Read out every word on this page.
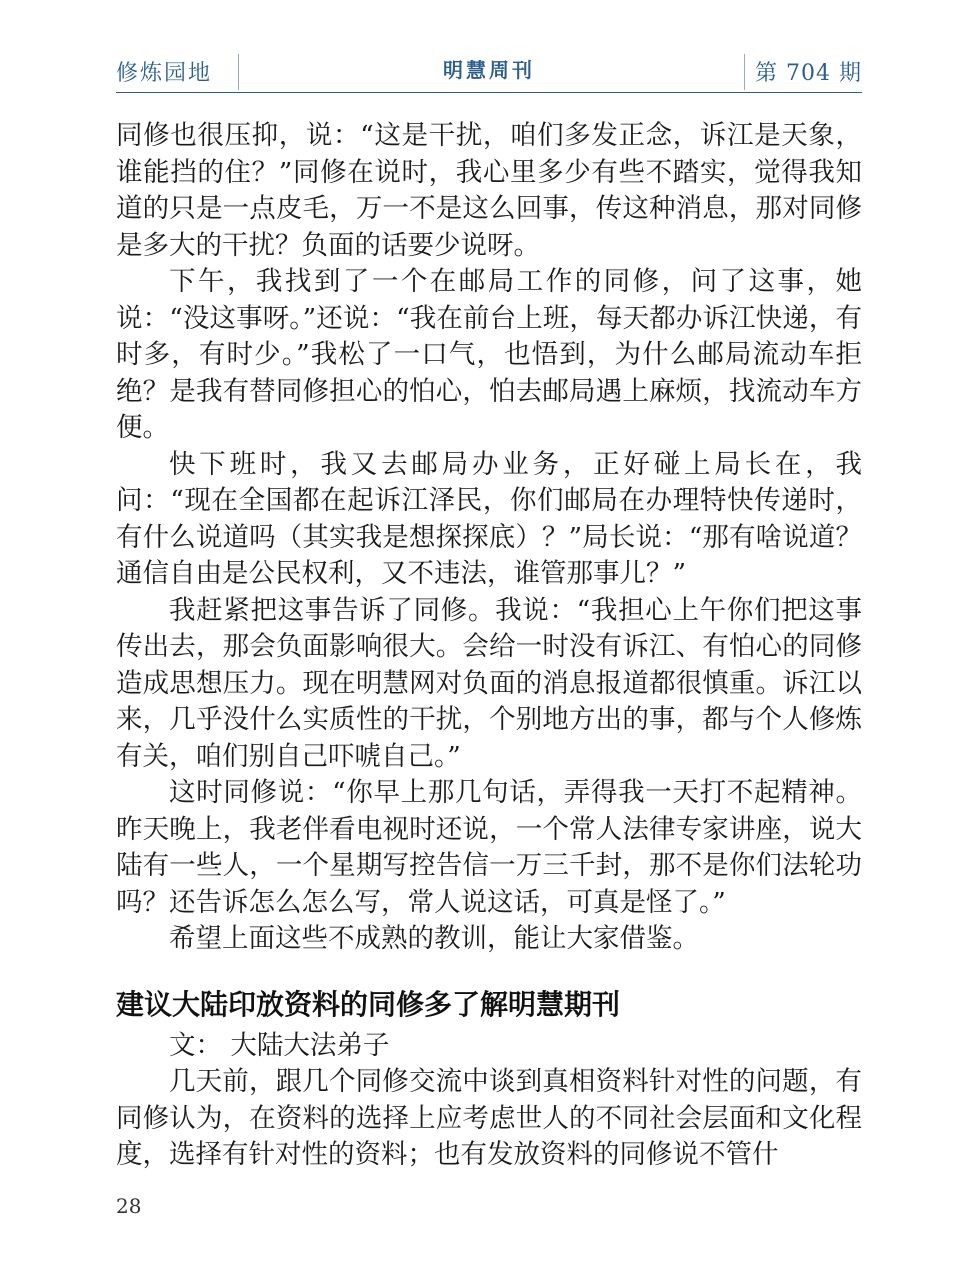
修炼园地	明慧周刊	第 704 期

同修也很压抑，说：“这是干扰，咱们多发正念，诉江是天象，谁能挡的住？”同修在说时，我心里多少有些不踏实，觉得我知道的只是一点皮毛，万一不是这么回事，传这种消息，那对同修是多大的干扰？负面的话要少说呀。

下午，我找到了一个在邮局工作的同修，问了这事，她说：“没这事呀。”还说：“我在前台上班，每天都办诉江快递，有时多，有时少。”我松了一口气，也悟到，为什么邮局流动车拒绝？是我有替同修担心的怕心，怕去邮局遇上麻烦，找流动车方便。

快下班时，我又去邮局办业务，正好碰上局长在，我问：“现在全国都在起诉江泽民，你们邮局在办理特快传递时，有什么说道吗（其实我是想探探底）？”局长说：“那有啥说道？通信自由是公民权利，又不违法，谁管那事儿？”

我赶紧把这事告诉了同修。我说：“我担心上午你们把这事传出去，那会负面影响很大。会给一时没有诉江、有怕心的同修造成思想压力。现在明慧网对负面的消息报道都很慎重。诉江以来，几乎没什么实质性的干扰，个别地方出的事，都与个人修炼有关，咱们别自己吓唬自己。”

这时同修说：“你早上那几句话，弄得我一天打不起精神。昨天晚上，我老伴看电视时还说，一个常人法律专家讲座，说大陆有一些人，一个星期写控告信一万三千封，那不是你们法轮功吗？还告诉怎么怎么写，常人说这话，可真是怪了。”

希望上面这些不成熟的教训，能让大家借鉴。

建议大陆印放资料的同修多了解明慧期刊

文： 大陆大法弟子

几天前，跟几个同修交流中谈到真相资料针对性的问题，有同修认为，在资料的选择上应考虑世人的不同社会层面和文化程度，选择有针对性的资料；也有发放资料的同修说不管什

28
